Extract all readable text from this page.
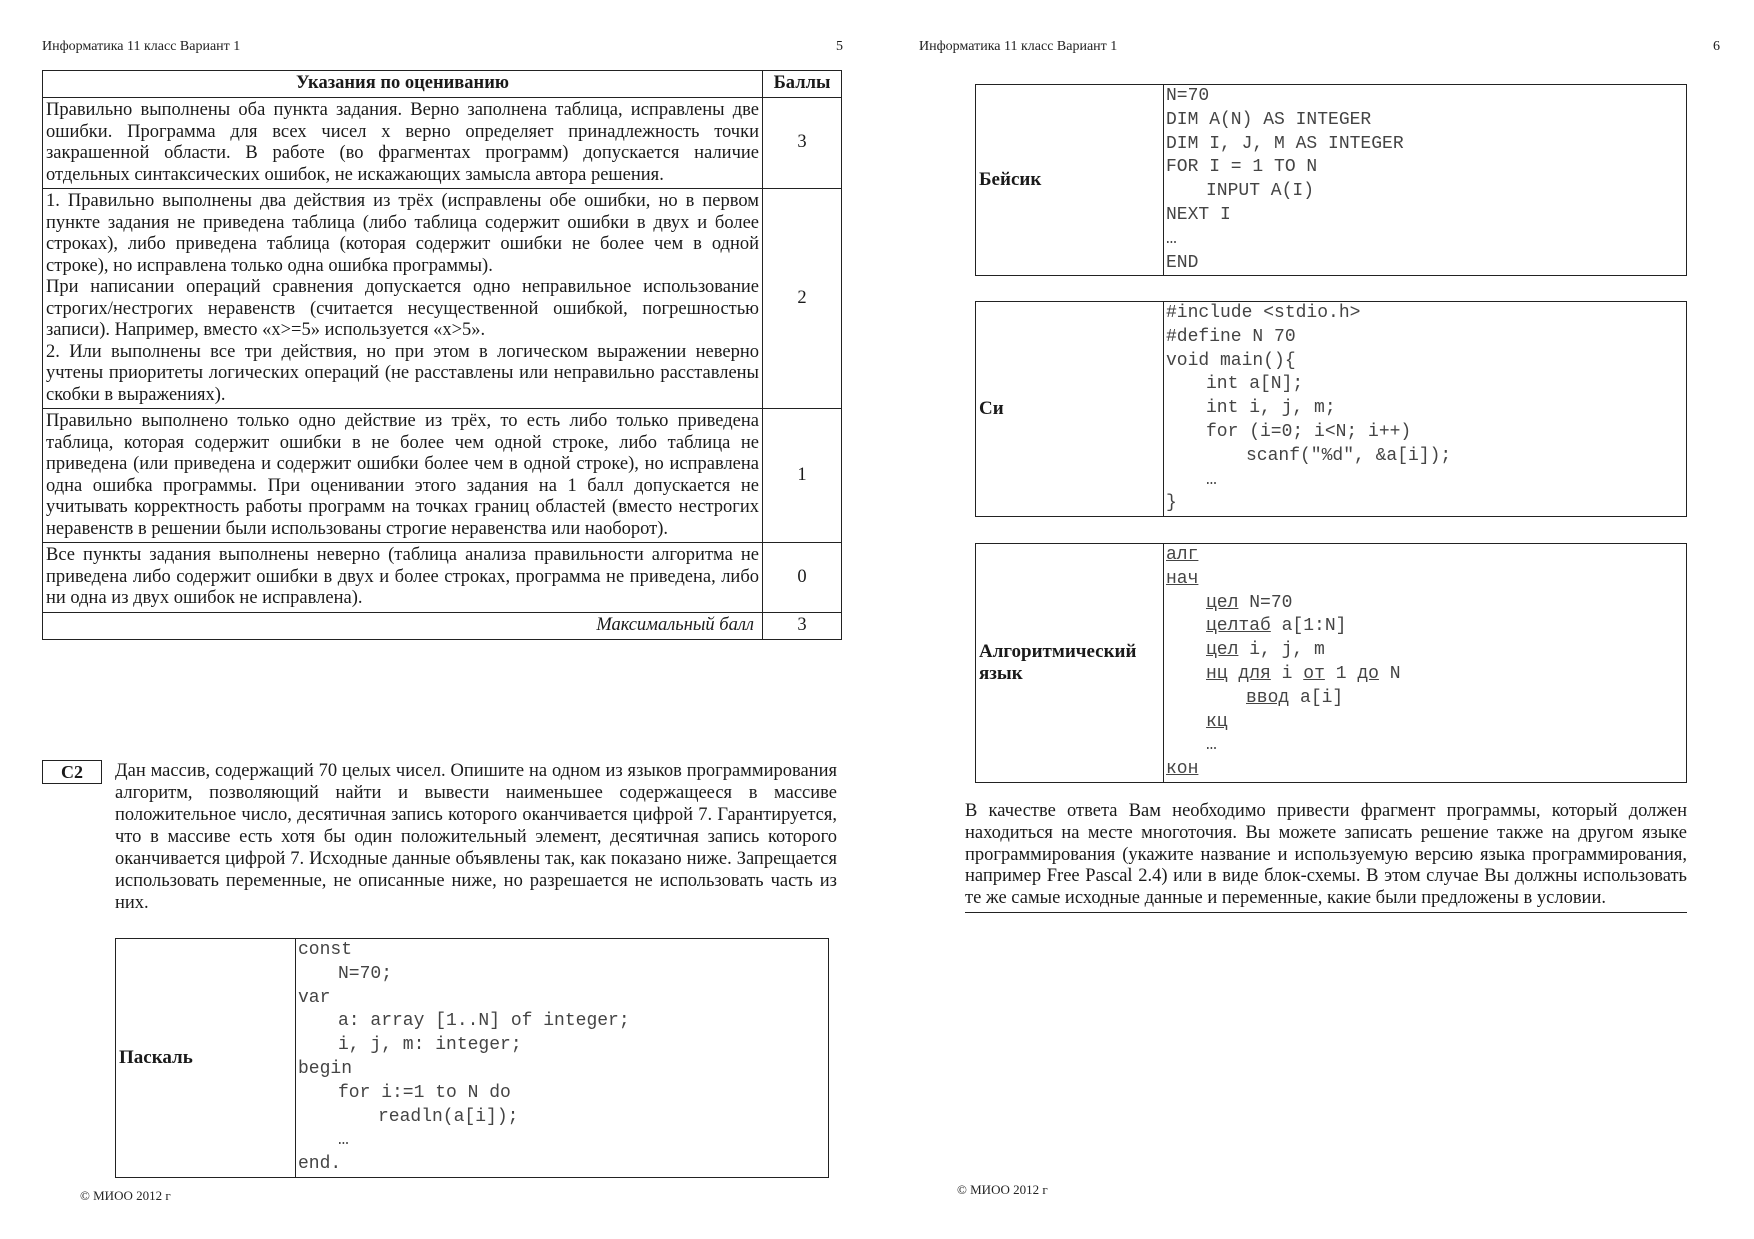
Информатика 11 класс Вариант 1	5
Указания по оцениванию	Баллы

Правильно выполнены оба пункта задания. Верно заполнена таблица, исправлены две ошибки. Программа для всех чисел x верно определяет принадлежность точки закрашенной области. В работе (во фрагментах программ) допускается наличие отдельных синтаксических ошибок, не искажающих замысла автора решения.	3

1. Правильно выполнены два действия из трёх (исправлены обе ошибки, но в первом пункте задания не приведена таблица (либо таблица содержит ошибки в двух и более строках), либо приведена таблица (которая содержит ошибки не более чем в одной строке), но исправлена только одна ошибка программы).

При написании операций сравнения допускается одно неправильное использование строгих/нестрогих неравенств (считается несущественной ошибкой, погрешностью записи). Например, вместо «x>=5» используется «x>5».

2. Или выполнены все три действия, но при этом в логическом выражении неверно учтены приоритеты логических операций (не расставлены или неправильно расставлены скобки в выражениях).	2

Правильно выполнено только одно действие из трёх, то есть либо только приведена таблица, которая содержит ошибки в не более чем одной строке, либо таблица не приведена (или приведена и содержит ошибки более чем в одной строке), но исправлена одна ошибка программы. При оценивании этого задания на 1 балл допускается не учитывать корректность работы программ на точках границ областей (вместо нестрогих неравенств в решении были использованы строгие неравенства или наоборот).	1

Все пункты задания выполнены неверно (таблица анализа правильности алгоритма не приведена либо содержит ошибки в двух и более строках, программа не приведена, либо ни одна из двух ошибок не исправлена).	0
Максимальный балл	3
C2	Дан массив, содержащий 70 целых чисел. Опишите на одном из языков программирования алгоритм, позволяющий найти и вывести наименьшее содержащееся в массиве положительное число, десятичная запись которого оканчивается цифрой 7. Гарантируется, что в массиве есть хотя бы один положительный элемент, десятичная запись которого оканчивается цифрой 7. Исходные данные объявлены так, как показано ниже. Запрещается использовать переменные, не описанные ниже, но разрешается не использовать часть из них.

Паскаль	
const
N=70;
var
a: array [1..N] of integer;
i, j, m: integer;
begin
for i:=1 to N do
readln(a[i]);
…
end.
© МИОО 2012 г
Информатика 11 класс Вариант 1	6
Бейсик	
N=70
DIM A(N) AS INTEGER
DIM I, J, M AS INTEGER
FOR I = 1 TO N
INPUT A(I)
NEXT I
…
END
Си	
#include <stdio.h>
#define N 70
void main(){
int a[N];
int i, j, m;
for (i=0; i<N; i++)
scanf("%d", &a[i]);
…
}
Алгоритмический язык	
алг
нач
цел N=70
целтаб a[1:N]
цел i, j, m
нц для i от 1 до N
ввод a[i]
кц
…
кон

В качестве ответа Вам необходимо привести фрагмент программы, который должен находиться на месте многоточия. Вы можете записать решение также на другом языке программирования (укажите название и используемую версию языка программирования, например Free Pascal 2.4) или в виде блок-схемы. В этом случае Вы должны использовать те же самые исходные данные и переменные, какие были предложены в условии.

© МИОО 2012 г
